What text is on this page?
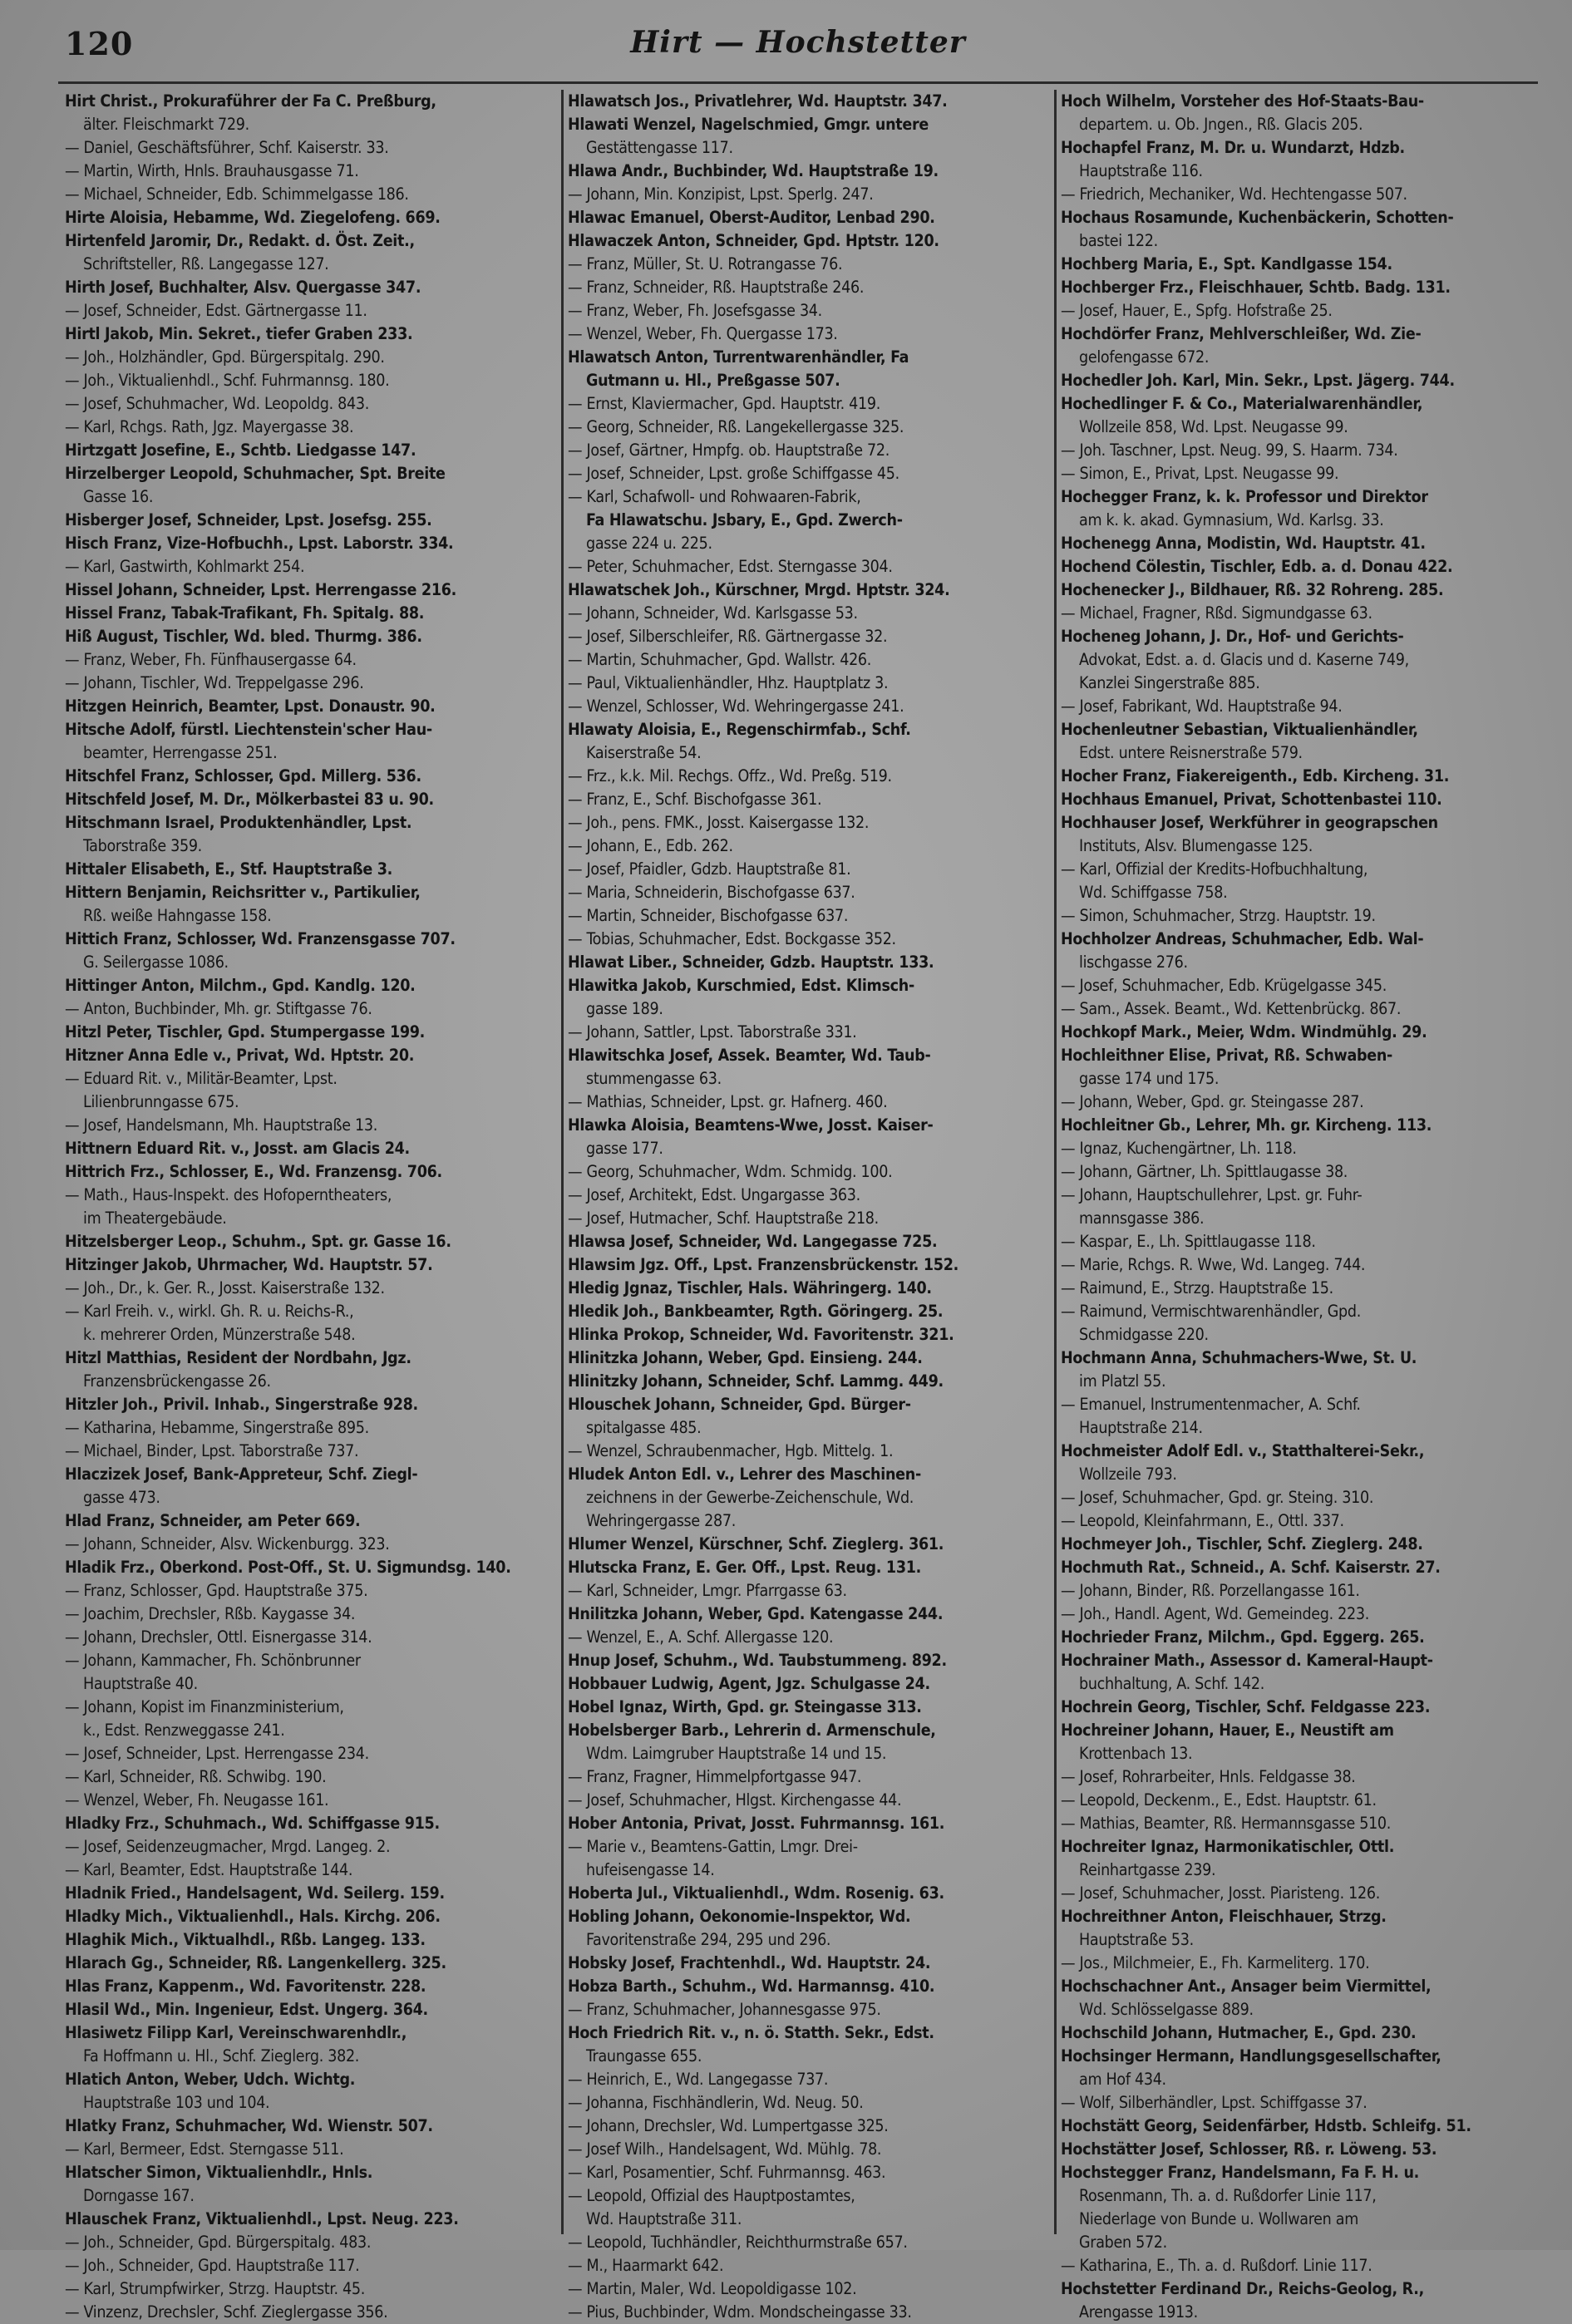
120	Hirt — Hochstetter
Hirt Christ., Prokuraführer der Fa C. Preßburg,
älter. Fleischmarkt 729.
— Daniel, Geschäftsführer, Schf. Kaiserstr. 33.
— Martin, Wirth, Hnls. Brauhausgasse 71.
— Michael, Schneider, Edb. Schimmelgasse 186.
Hirte Aloisia, Hebamme, Wd. Ziegelofeng. 669.
Hirtenfeld Jaromir, Dr., Redakt. d. Öst. Zeit.,
Schriftsteller, Rß. Langegasse 127.
Hirth Josef, Buchhalter, Alsv. Quergasse 347.
— Josef, Schneider, Edst. Gärtnergasse 11.
Hirtl Jakob, Min. Sekret., tiefer Graben 233.
— Joh., Holzhändler, Gpd. Bürgerspitalg. 290.
— Joh., Viktualienhdl., Schf. Fuhrmannsg. 180.
— Josef, Schuhmacher, Wd. Leopoldg. 843.
— Karl, Rchgs. Rath, Jgz. Mayergasse 38.
Hirtzgatt Josefine, E., Schtb. Liedgasse 147.
Hirzelberger Leopold, Schuhmacher, Spt. Breite
Gasse 16.
Hisberger Josef, Schneider, Lpst. Josefsg. 255.
Hisch Franz, Vize-Hofbuchh., Lpst. Laborstr. 334.
— Karl, Gastwirth, Kohlmarkt 254.
Hissel Johann, Schneider, Lpst. Herrengasse 216.
Hissel Franz, Tabak-Trafikant, Fh. Spitalg. 88.
Hiß August, Tischler, Wd. bled. Thurmg. 386.
— Franz, Weber, Fh. Fünfhausergasse 64.
— Johann, Tischler, Wd. Treppelgasse 296.
Hitzgen Heinrich, Beamter, Lpst. Donaustr. 90.
Hitsche Adolf, fürstl. Liechtenstein'scher Hau-
beamter, Herrengasse 251.
Hitschfel Franz, Schlosser, Gpd. Millerg. 536.
Hitschfeld Josef, M. Dr., Mölkerbastei 83 u. 90.
Hitschmann Israel, Produktenhändler, Lpst.
Taborstraße 359.
Hittaler Elisabeth, E., Stf. Hauptstraße 3.
Hittern Benjamin, Reichsritter v., Partikulier,
Rß. weiße Hahngasse 158.
Hittich Franz, Schlosser, Wd. Franzensgasse 707.
G. Seilergasse 1086.
Hittinger Anton, Milchm., Gpd. Kandlg. 120.
— Anton, Buchbinder, Mh. gr. Stiftgasse 76.
Hitzl Peter, Tischler, Gpd. Stumpergasse 199.
Hitzner Anna Edle v., Privat, Wd. Hptstr. 20.
— Eduard Rit. v., Militär-Beamter, Lpst.
Lilienbrunngasse 675.
— Josef, Handelsmann, Mh. Hauptstraße 13.
Hittnern Eduard Rit. v., Josst. am Glacis 24.
Hittrich Frz., Schlosser, E., Wd. Franzensg. 706.
— Math., Haus-Inspekt. des Hofoperntheaters,
im Theatergebäude.
Hitzelsberger Leop., Schuhm., Spt. gr. Gasse 16.
Hitzinger Jakob, Uhrmacher, Wd. Hauptstr. 57.
— Joh., Dr., k. Ger. R., Josst. Kaiserstraße 132.
— Karl Freih. v., wirkl. Gh. R. u. Reichs-R.,
k. mehrerer Orden, Münzerstraße 548.
Hitzl Matthias, Resident der Nordbahn, Jgz.
Franzensbrückengasse 26.
Hitzler Joh., Privil. Inhab., Singerstraße 928.
— Katharina, Hebamme, Singerstraße 895.
— Michael, Binder, Lpst. Taborstraße 737.
Hlaczizek Josef, Bank-Appreteur, Schf. Ziegl-
gasse 473.
Hlad Franz, Schneider, am Peter 669.
— Johann, Schneider, Alsv. Wickenburgg. 323.
Hladik Frz., Oberkond. Post-Off., St. U. Sigmundsg. 140.
— Franz, Schlosser, Gpd. Hauptstraße 375.
— Joachim, Drechsler, Rßb. Kaygasse 34.
— Johann, Drechsler, Ottl. Eisnergasse 314.
— Johann, Kammacher, Fh. Schönbrunner
Hauptstraße 40.
— Johann, Kopist im Finanzministerium,
k., Edst. Renzweggasse 241.
— Josef, Schneider, Lpst. Herrengasse 234.
— Karl, Schneider, Rß. Schwibg. 190.
— Wenzel, Weber, Fh. Neugasse 161.
Hladky Frz., Schuhmach., Wd. Schiffgasse 915.
— Josef, Seidenzeugmacher, Mrgd. Langeg. 2.
— Karl, Beamter, Edst. Hauptstraße 144.
Hladnik Fried., Handelsagent, Wd. Seilerg. 159.
Hladky Mich., Viktualienhdl., Hals. Kirchg. 206.
Hlaghik Mich., Viktualhdl., Rßb. Langeg. 133.
Hlarach Gg., Schneider, Rß. Langenkellerg. 325.
Hlas Franz, Kappenm., Wd. Favoritenstr. 228.
Hlasil Wd., Min. Ingenieur, Edst. Ungerg. 364.
Hlasiwetz Filipp Karl, Vereinschwarenhdlr.,
Fa Hoffmann u. Hl., Schf. Zieglerg. 382.
Hlatich Anton, Weber, Udch. Wichtg.
Hauptstraße 103 und 104.
Hlatky Franz, Schuhmacher, Wd. Wienstr. 507.
— Karl, Bermeer, Edst. Sterngasse 511.
Hlatscher Simon, Viktualienhdlr., Hnls.
Dorngasse 167.
Hlauschek Franz, Viktualienhdl., Lpst. Neug. 223.
— Joh., Schneider, Gpd. Bürgerspitalg. 483.
— Joh., Schneider, Gpd. Hauptstraße 117.
— Karl, Strumpfwirker, Strzg. Hauptstr. 45.
— Vinzenz, Drechsler, Schf. Zieglergasse 356.
Hlawatsch Jos., Privatlehrer, Wd. Hauptstr. 347.
Hlawati Wenzel, Nagelschmied, Gmgr. untere
Gestättengasse 117.
Hlawa Andr., Buchbinder, Wd. Hauptstraße 19.
— Johann, Min. Konzipist, Lpst. Sperlg. 247.
Hlawac Emanuel, Oberst-Auditor, Lenbad 290.
Hlawaczek Anton, Schneider, Gpd. Hptstr. 120.
— Franz, Müller, St. U. Rotrangasse 76.
— Franz, Schneider, Rß. Hauptstraße 246.
— Franz, Weber, Fh. Josefsgasse 34.
— Wenzel, Weber, Fh. Quergasse 173.
Hlawatsch Anton, Turrentwarenhändler, Fa
Gutmann u. Hl., Preßgasse 507.
— Ernst, Klaviermacher, Gpd. Hauptstr. 419.
— Georg, Schneider, Rß. Langekellergasse 325.
— Josef, Gärtner, Hmpfg. ob. Hauptstraße 72.
— Josef, Schneider, Lpst. große Schiffgasse 45.
— Karl, Schafwoll- und Rohwaaren-Fabrik,
Fa Hlawatschu. Jsbary, E., Gpd. Zwerch-
gasse 224 u. 225.
— Peter, Schuhmacher, Edst. Sterngasse 304.
Hlawatschek Joh., Kürschner, Mrgd. Hptstr. 324.
— Johann, Schneider, Wd. Karlsgasse 53.
— Josef, Silberschleifer, Rß. Gärtnergasse 32.
— Martin, Schuhmacher, Gpd. Wallstr. 426.
— Paul, Viktualienhändler, Hhz. Hauptplatz 3.
— Wenzel, Schlosser, Wd. Wehringergasse 241.
Hlawaty Aloisia, E., Regenschirmfab., Schf.
Kaiserstraße 54.
— Frz., k.k. Mil. Rechgs. Offz., Wd. Preßg. 519.
— Franz, E., Schf. Bischofgasse 361.
— Joh., pens. FMK., Josst. Kaisergasse 132.
— Johann, E., Edb. 262.
— Josef, Pfaidler, Gdzb. Hauptstraße 81.
— Maria, Schneiderin, Bischofgasse 637.
— Martin, Schneider, Bischofgasse 637.
— Tobias, Schuhmacher, Edst. Bockgasse 352.
Hlawat Liber., Schneider, Gdzb. Hauptstr. 133.
Hlawitka Jakob, Kurschmied, Edst. Klimsch-
gasse 189.
— Johann, Sattler, Lpst. Taborstraße 331.
Hlawitschka Josef, Assek. Beamter, Wd. Taub-
stummengasse 63.
— Mathias, Schneider, Lpst. gr. Hafnerg. 460.
Hlawka Aloisia, Beamtens-Wwe, Josst. Kaiser-
gasse 177.
— Georg, Schuhmacher, Wdm. Schmidg. 100.
— Josef, Architekt, Edst. Ungargasse 363.
— Josef, Hutmacher, Schf. Hauptstraße 218.
Hlawsa Josef, Schneider, Wd. Langegasse 725.
Hlawsim Jgz. Off., Lpst. Franzensbrückenstr. 152.
Hledig Jgnaz, Tischler, Hals. Währingerg. 140.
Hledik Joh., Bankbeamter, Rgth. Göringerg. 25.
Hlinka Prokop, Schneider, Wd. Favoritenstr. 321.
Hlinitzka Johann, Weber, Gpd. Einsieng. 244.
Hlinitzky Johann, Schneider, Schf. Lammg. 449.
Hlouschek Johann, Schneider, Gpd. Bürger-
spitalgasse 485.
— Wenzel, Schraubenmacher, Hgb. Mittelg. 1.
Hludek Anton Edl. v., Lehrer des Maschinen-
zeichnens in der Gewerbe-Zeichenschule, Wd.
Wehringergasse 287.
Hlumer Wenzel, Kürschner, Schf. Zieglerg. 361.
Hlutscka Franz, E. Ger. Off., Lpst. Reug. 131.
— Karl, Schneider, Lmgr. Pfarrgasse 63.
Hnilitzka Johann, Weber, Gpd. Katengasse 244.
— Wenzel, E., A. Schf. Allergasse 120.
Hnup Josef, Schuhm., Wd. Taubstummeng. 892.
Hobbauer Ludwig, Agent, Jgz. Schulgasse 24.
Hobel Ignaz, Wirth, Gpd. gr. Steingasse 313.
Hobelsberger Barb., Lehrerin d. Armenschule,
Wdm. Laimgruber Hauptstraße 14 und 15.
— Franz, Fragner, Himmelpfortgasse 947.
— Josef, Schuhmacher, Hlgst. Kirchengasse 44.
Hober Antonia, Privat, Josst. Fuhrmannsg. 161.
— Marie v., Beamtens-Gattin, Lmgr. Drei-
hufeisengasse 14.
Hoberta Jul., Viktualienhdl., Wdm. Rosenig. 63.
Hobling Johann, Oekonomie-Inspektor, Wd.
Favoritenstraße 294, 295 und 296.
Hobsky Josef, Frachtenhdl., Wd. Hauptstr. 24.
Hobza Barth., Schuhm., Wd. Harmannsg. 410.
— Franz, Schuhmacher, Johannesgasse 975.
Hoch Friedrich Rit. v., n. ö. Statth. Sekr., Edst.
Traungasse 655.
— Heinrich, E., Wd. Langegasse 737.
— Johanna, Fischhändlerin, Wd. Neug. 50.
— Johann, Drechsler, Wd. Lumpertgasse 325.
— Josef Wilh., Handelsagent, Wd. Mühlg. 78.
— Karl, Posamentier, Schf. Fuhrmannsg. 463.
— Leopold, Offizial des Hauptpostamtes,
Wd. Hauptstraße 311.
— Leopold, Tuchhändler, Reichthurmstraße 657.
— M., Haarmarkt 642.
— Martin, Maler, Wd. Leopoldigasse 102.
— Pius, Buchbinder, Wdm. Mondscheingasse 33.
Hoch Wilhelm, Vorsteher des Hof-Staats-Bau-
departem. u. Ob. Jngen., Rß. Glacis 205.
Hochapfel Franz, M. Dr. u. Wundarzt, Hdzb.
Hauptstraße 116.
— Friedrich, Mechaniker, Wd. Hechtengasse 507.
Hochaus Rosamunde, Kuchenbäckerin, Schotten-
bastei 122.
Hochberg Maria, E., Spt. Kandlgasse 154.
Hochberger Frz., Fleischhauer, Schtb. Badg. 131.
— Josef, Hauer, E., Spfg. Hofstraße 25.
Hochdörfer Franz, Mehlverschleißer, Wd. Zie-
gelofengasse 672.
Hochedler Joh. Karl, Min. Sekr., Lpst. Jägerg. 744.
Hochedlinger F. & Co., Materialwarenhändler,
Wollzeile 858, Wd. Lpst. Neugasse 99.
— Joh. Taschner, Lpst. Neug. 99, S. Haarm. 734.
— Simon, E., Privat, Lpst. Neugasse 99.
Hochegger Franz, k. k. Professor und Direktor
am k. k. akad. Gymnasium, Wd. Karlsg. 33.
Hochenegg Anna, Modistin, Wd. Hauptstr. 41.
Hochend Cölestin, Tischler, Edb. a. d. Donau 422.
Hochenecker J., Bildhauer, Rß. 32 Rohreng. 285.
— Michael, Fragner, Rßd. Sigmundgasse 63.
Hocheneg Johann, J. Dr., Hof- und Gerichts-
Advokat, Edst. a. d. Glacis und d. Kaserne 749,
Kanzlei Singerstraße 885.
— Josef, Fabrikant, Wd. Hauptstraße 94.
Hochenleutner Sebastian, Viktualienhändler,
Edst. untere Reisnerstraße 579.
Hocher Franz, Fiakereigenth., Edb. Kircheng. 31.
Hochhaus Emanuel, Privat, Schottenbastei 110.
Hochhauser Josef, Werkführer in geograpschen
Instituts, Alsv. Blumengasse 125.
— Karl, Offizial der Kredits-Hofbuchhaltung,
Wd. Schiffgasse 758.
— Simon, Schuhmacher, Strzg. Hauptstr. 19.
Hochholzer Andreas, Schuhmacher, Edb. Wal-
lischgasse 276.
— Josef, Schuhmacher, Edb. Krügelgasse 345.
— Sam., Assek. Beamt., Wd. Kettenbrückg. 867.
Hochkopf Mark., Meier, Wdm. Windmühlg. 29.
Hochleithner Elise, Privat, Rß. Schwaben-
gasse 174 und 175.
— Johann, Weber, Gpd. gr. Steingasse 287.
Hochleitner Gb., Lehrer, Mh. gr. Kircheng. 113.
— Ignaz, Kuchengärtner, Lh. 118.
— Johann, Gärtner, Lh. Spittlaugasse 38.
— Johann, Hauptschullehrer, Lpst. gr. Fuhr-
mannsgasse 386.
— Kaspar, E., Lh. Spittlaugasse 118.
— Marie, Rchgs. R. Wwe, Wd. Langeg. 744.
— Raimund, E., Strzg. Hauptstraße 15.
— Raimund, Vermischtwarenhändler, Gpd.
Schmidgasse 220.
Hochmann Anna, Schuhmachers-Wwe, St. U.
im Platzl 55.
— Emanuel, Instrumentenmacher, A. Schf.
Hauptstraße 214.
Hochmeister Adolf Edl. v., Statthalterei-Sekr.,
Wollzeile 793.
— Josef, Schuhmacher, Gpd. gr. Steing. 310.
— Leopold, Kleinfahrmann, E., Ottl. 337.
Hochmeyer Joh., Tischler, Schf. Zieglerg. 248.
Hochmuth Rat., Schneid., A. Schf. Kaiserstr. 27.
— Johann, Binder, Rß. Porzellangasse 161.
— Joh., Handl. Agent, Wd. Gemeindeg. 223.
Hochrieder Franz, Milchm., Gpd. Eggerg. 265.
Hochrainer Math., Assessor d. Kameral-Haupt-
buchhaltung, A. Schf. 142.
Hochrein Georg, Tischler, Schf. Feldgasse 223.
Hochreiner Johann, Hauer, E., Neustift am
Krottenbach 13.
— Josef, Rohrarbeiter, Hnls. Feldgasse 38.
— Leopold, Deckenm., E., Edst. Hauptstr. 61.
— Mathias, Beamter, Rß. Hermannsgasse 510.
Hochreiter Ignaz, Harmonikatischler, Ottl.
Reinhartgasse 239.
— Josef, Schuhmacher, Josst. Piaristeng. 126.
Hochreithner Anton, Fleischhauer, Strzg.
Hauptstraße 53.
— Jos., Milchmeier, E., Fh. Karmeliterg. 170.
Hochschachner Ant., Ansager beim Viermittel,
Wd. Schlösselgasse 889.
Hochschild Johann, Hutmacher, E., Gpd. 230.
Hochsinger Hermann, Handlungsgesellschafter,
am Hof 434.
— Wolf, Silberhändler, Lpst. Schiffgasse 37.
Hochstätt Georg, Seidenfärber, Hdstb. Schleifg. 51.
Hochstätter Josef, Schlosser, Rß. r. Löweng. 53.
Hochstegger Franz, Handelsmann, Fa F. H. u.
Rosenmann, Th. a. d. Rußdorfer Linie 117,
Niederlage von Bunde u. Wollwaren am
Graben 572.
— Katharina, E., Th. a. d. Rußdorf. Linie 117.
Hochstetter Ferdinand Dr., Reichs-Geolog, R.,
Arengasse 1913.
